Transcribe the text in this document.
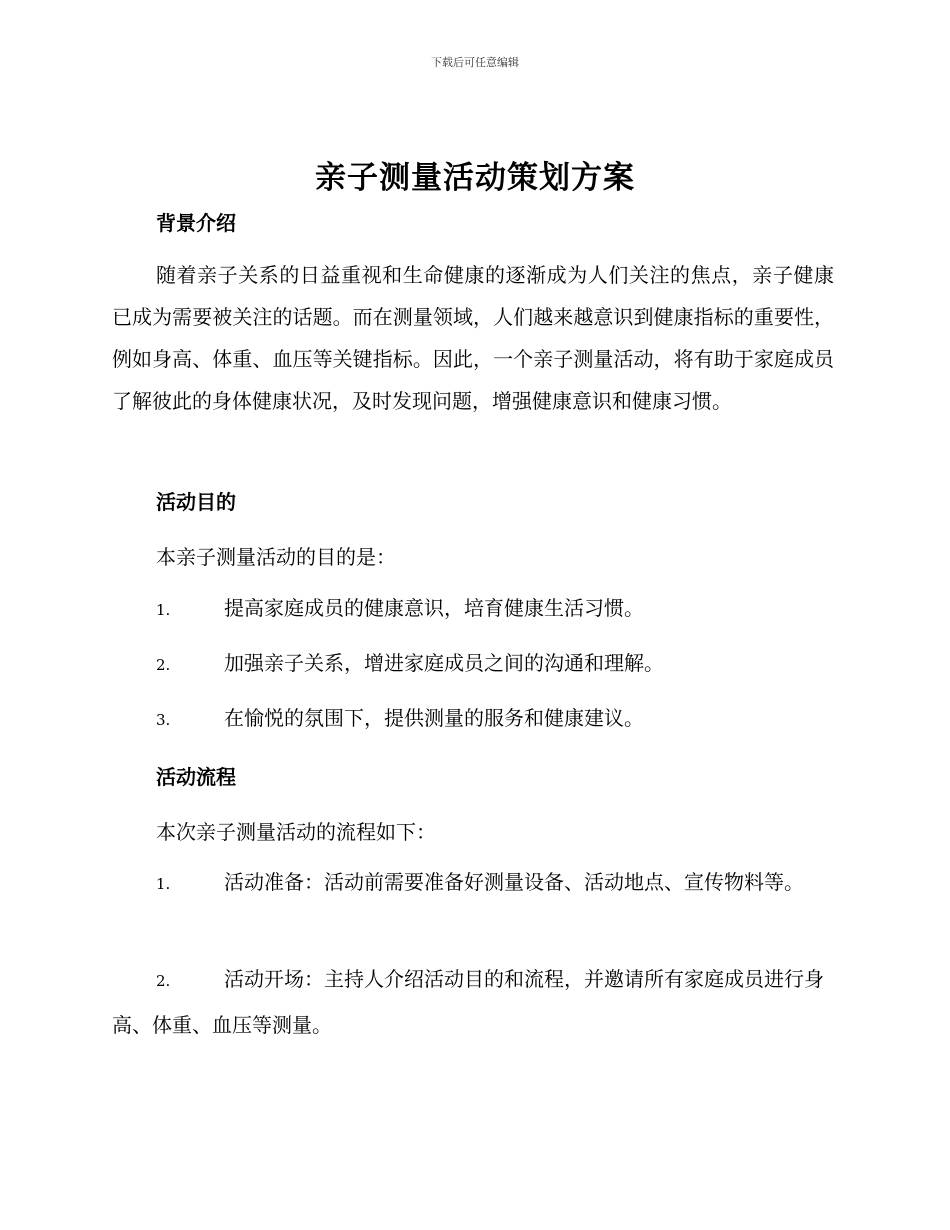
下载后可任意编辑
亲子测量活动策划方案
背景介绍

随着亲子关系的日益重视和生命健康的逐渐成为人们关注的焦点，亲子健康已成为需要被关注的话题。而在测量领域，人们越来越意识到健康指标的重要性，例如身高、体重、血压等关键指标。因此，一个亲子测量活动，将有助于家庭成员了解彼此的身体健康状况，及时发现问题，增强健康意识和健康习惯。

活动目的
本亲子测量活动的目的是：

1.	提高家庭成员的健康意识，培育健康生活习惯。

2.	加强亲子关系，增进家庭成员之间的沟通和理解。

3.	在愉悦的氛围下，提供测量的服务和健康建议。

活动流程
本次亲子测量活动的流程如下：

1.	活动准备：活动前需要准备好测量设备、活动地点、宣传物料等。

2.	活动开场：主持人介绍活动目的和流程，并邀请所有家庭成员进行身高、体重、血压等测量。
